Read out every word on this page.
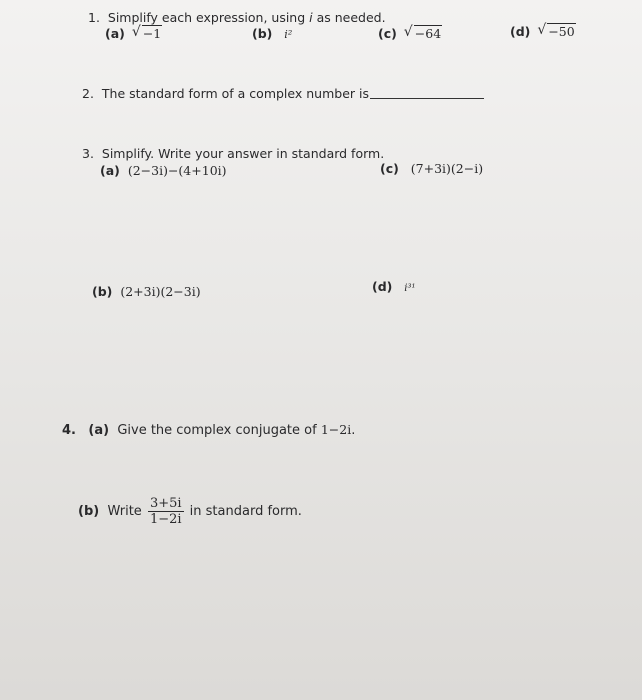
1. Simplify each expression, using i as needed.
(a) √ −1	(b) i²	(c) √ −64	(d) √ −50
2. The standard form of a complex number is
3. Simplify. Write your answer in standard form.
(a) (2−3i)−(4+10i)	(c) (7+3i)(2−i)
(b) (2+3i)(2−3i)	(d) i³¹
4. (a) Give the complex conjugate of 1−2i.
(b) Write $\frac{3+5i}{1-2i}$ in standard form.
